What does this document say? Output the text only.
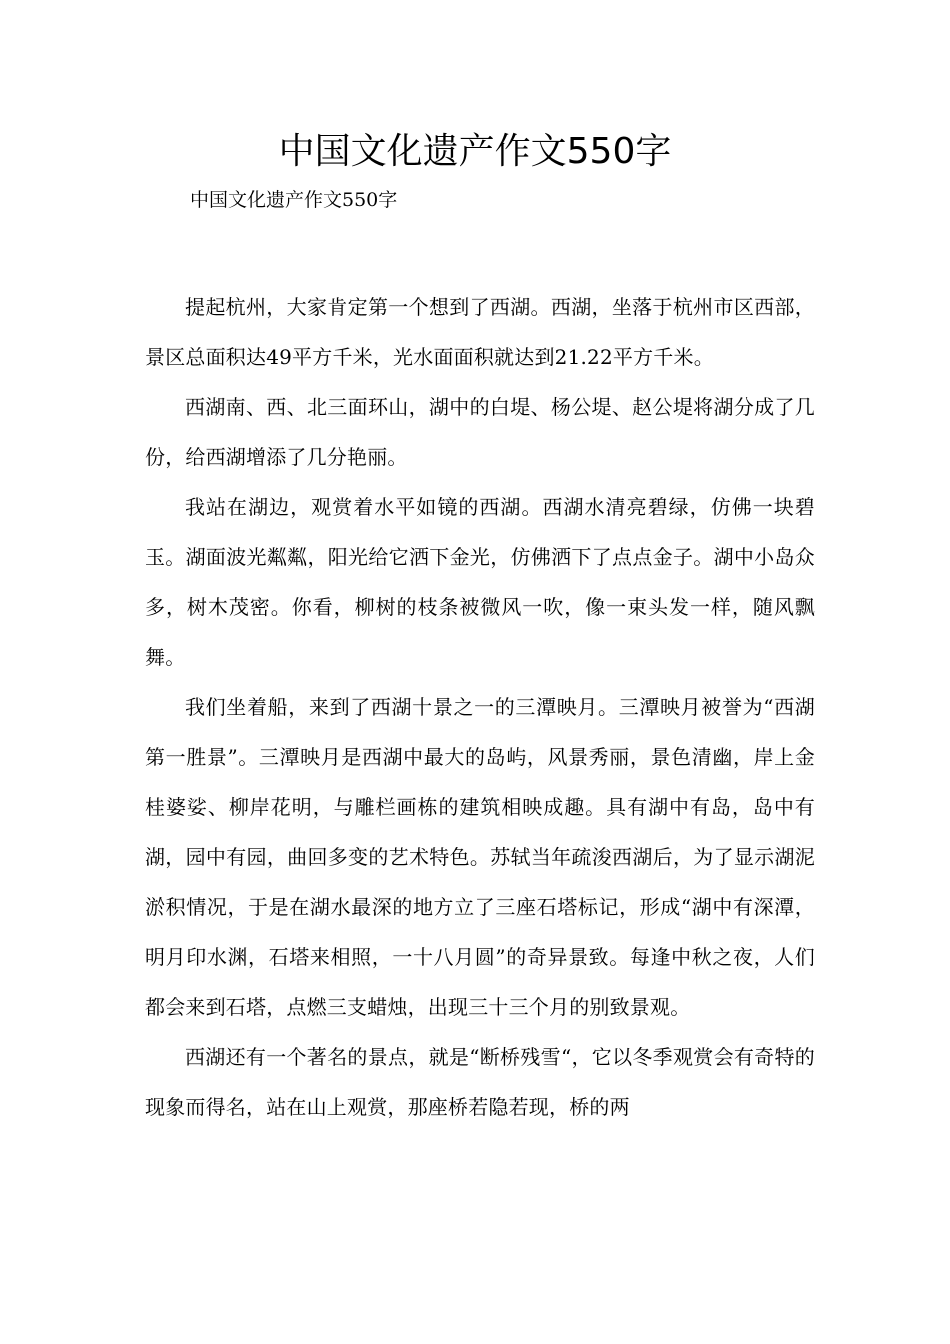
中国文化遗产作文550字

中国文化遗产作文550字

提起杭州，大家肯定第一个想到了西湖。西湖，坐落于杭州市区西部，景区总面积达49平方千米，光水面面积就达到21.22平方千米。

西湖南、西、北三面环山，湖中的白堤、杨公堤、赵公堤将湖分成了几份，给西湖增添了几分艳丽。

我站在湖边，观赏着水平如镜的西湖。西湖水清亮碧绿，仿佛一块碧玉。湖面波光粼粼，阳光给它洒下金光，仿佛洒下了点点金子。湖中小岛众多，树木茂密。你看，柳树的枝条被微风一吹，像一束头发一样，随风飘舞。

我们坐着船，来到了西湖十景之一的三潭映月。三潭映月被誉为“西湖第一胜景”。三潭映月是西湖中最大的岛屿，风景秀丽，景色清幽，岸上金桂婆娑、柳岸花明，与雕栏画栋的建筑相映成趣。具有湖中有岛，岛中有湖，园中有园，曲回多变的艺术特色。苏轼当年疏浚西湖后，为了显示湖泥淤积情况，于是在湖水最深的地方立了三座石塔标记，形成“湖中有深潭，明月印水渊，石塔来相照，一十八月圆”的奇异景致。每逢中秋之夜，人们都会来到石塔，点燃三支蜡烛，出现三十三个月的别致景观。

西湖还有一个著名的景点，就是“断桥残雪“，它以冬季观赏会有奇特的现象而得名，站在山上观赏，那座桥若隐若现，桥的两
